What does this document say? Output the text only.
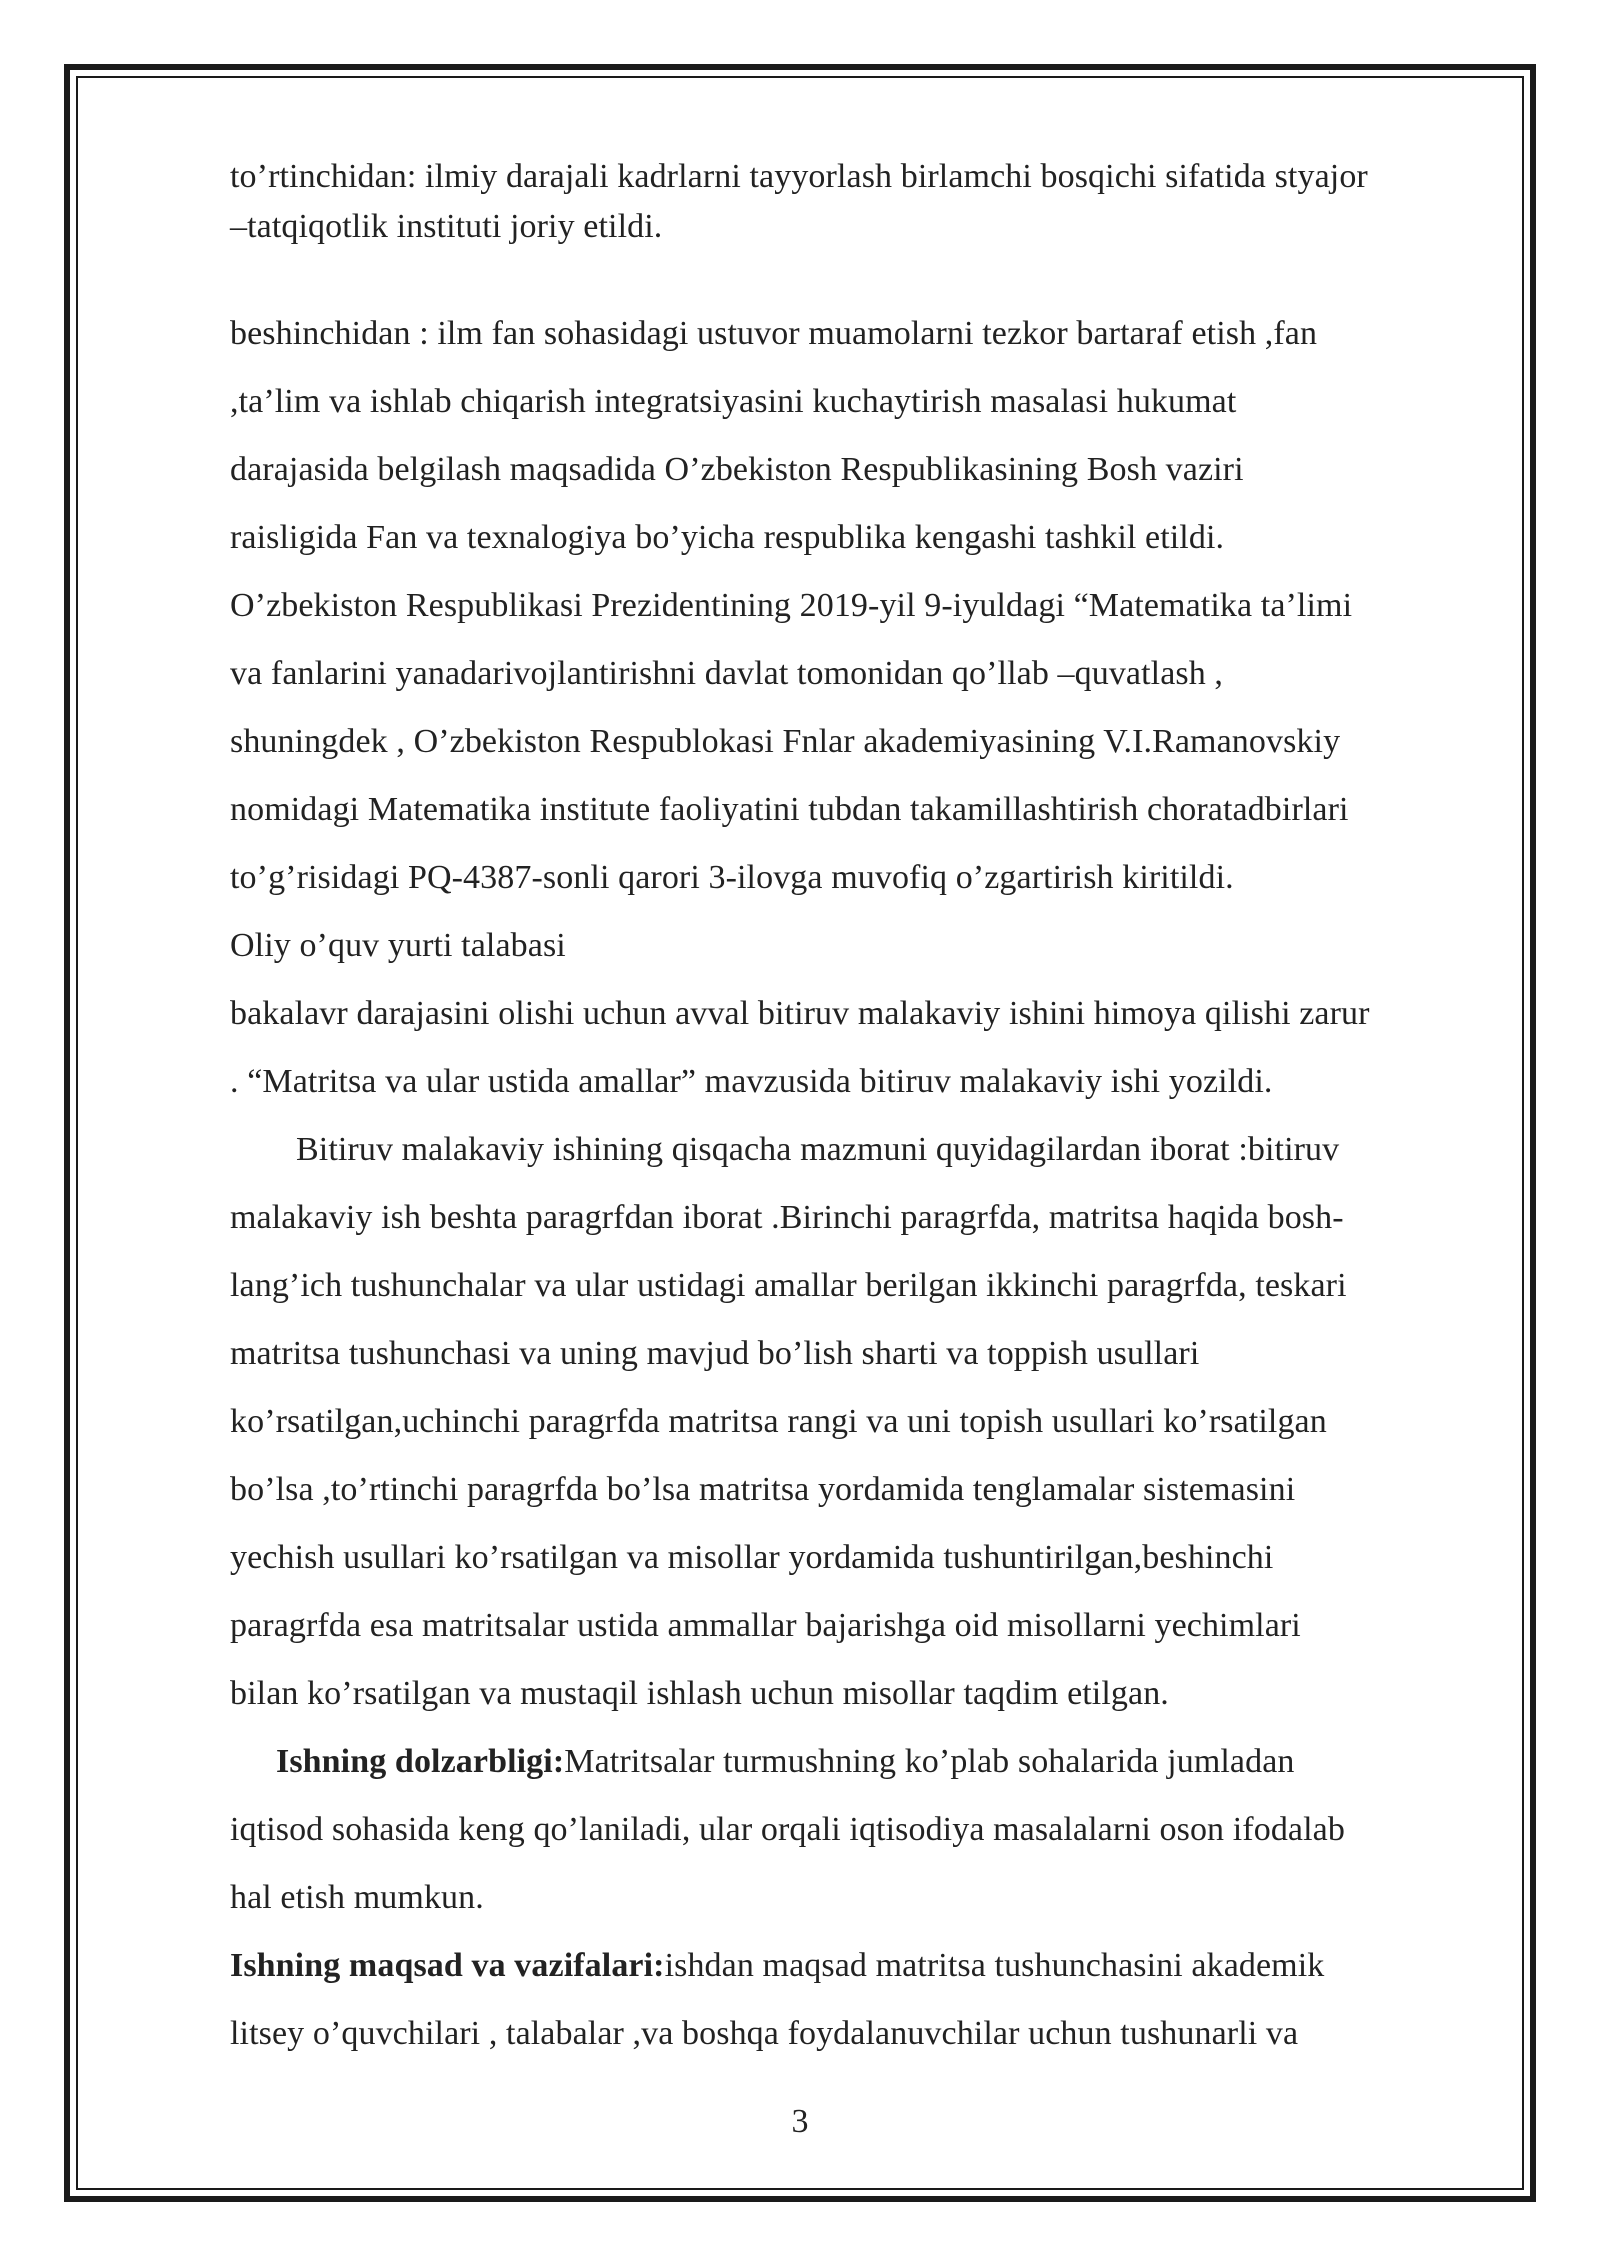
to’rtinchidan: ilmiy darajali kadrlarni tayyorlash birlamchi bosqichi sifatida styajor
–tatqiqotlik instituti joriy etildi.
beshinchidan : ilm fan sohasidagi ustuvor muamolarni tezkor bartaraf etish ,fan
,ta’lim va ishlab chiqarish integratsiyasini kuchaytirish masalasi hukumat
darajasida belgilash maqsadida O’zbekiston Respublikasining Bosh vaziri
raisligida Fan va texnalogiya bo’yicha respublika kengashi tashkil etildi.
O’zbekiston Respublikasi Prezidentining 2019-yil 9-iyuldagi “Matematika ta’limi
va fanlarini yanadarivojlantirishni davlat tomonidan qo’llab –quvatlash ,
shuningdek , O’zbekiston Respublokasi Fnlar akademiyasining V.I.Ramanovskiy
nomidagi Matematika institute faoliyatini tubdan takamillashtirish choratadbirlari
to’g’risidagi PQ-4387-sonli qarori 3-ilovga muvofiq o’zgartirish kiritildi.
Oliy o’quv yurti talabasi
bakalavr darajasini olishi uchun avval bitiruv malakaviy ishini himoya qilishi zarur
. “Matritsa va ular ustida amallar” mavzusida bitiruv malakaviy ishi yozildi.
Bitiruv malakaviy ishining qisqacha mazmuni quyidagilardan iborat :bitiruv
malakaviy ish beshta paragrfdan iborat .Birinchi paragrfda, matritsa haqida bosh-
lang’ich tushunchalar va ular ustidagi amallar berilgan ikkinchi paragrfda, teskari
matritsa tushunchasi va uning mavjud bo’lish sharti va toppish usullari
ko’rsatilgan,uchinchi paragrfda matritsa rangi va uni topish usullari ko’rsatilgan
bo’lsa ,to’rtinchi paragrfda bo’lsa matritsa yordamida tenglamalar sistemasini
yechish usullari ko’rsatilgan va misollar yordamida tushuntirilgan,beshinchi
paragrfda esa matritsalar ustida ammallar bajarishga oid misollarni yechimlari
bilan ko’rsatilgan va mustaqil ishlash uchun misollar taqdim etilgan.
Ishning dolzarbligi:Matritsalar turmushning ko’plab sohalarida jumladan
iqtisod sohasida keng qo’laniladi, ular orqali iqtisodiya masalalarni oson ifodalab
hal etish mumkun.
Ishning maqsad va vazifalari:ishdan maqsad matritsa tushunchasini akademik
litsey o’quvchilari , talabalar ,va boshqa foydalanuvchilar uchun tushunarli va
3
